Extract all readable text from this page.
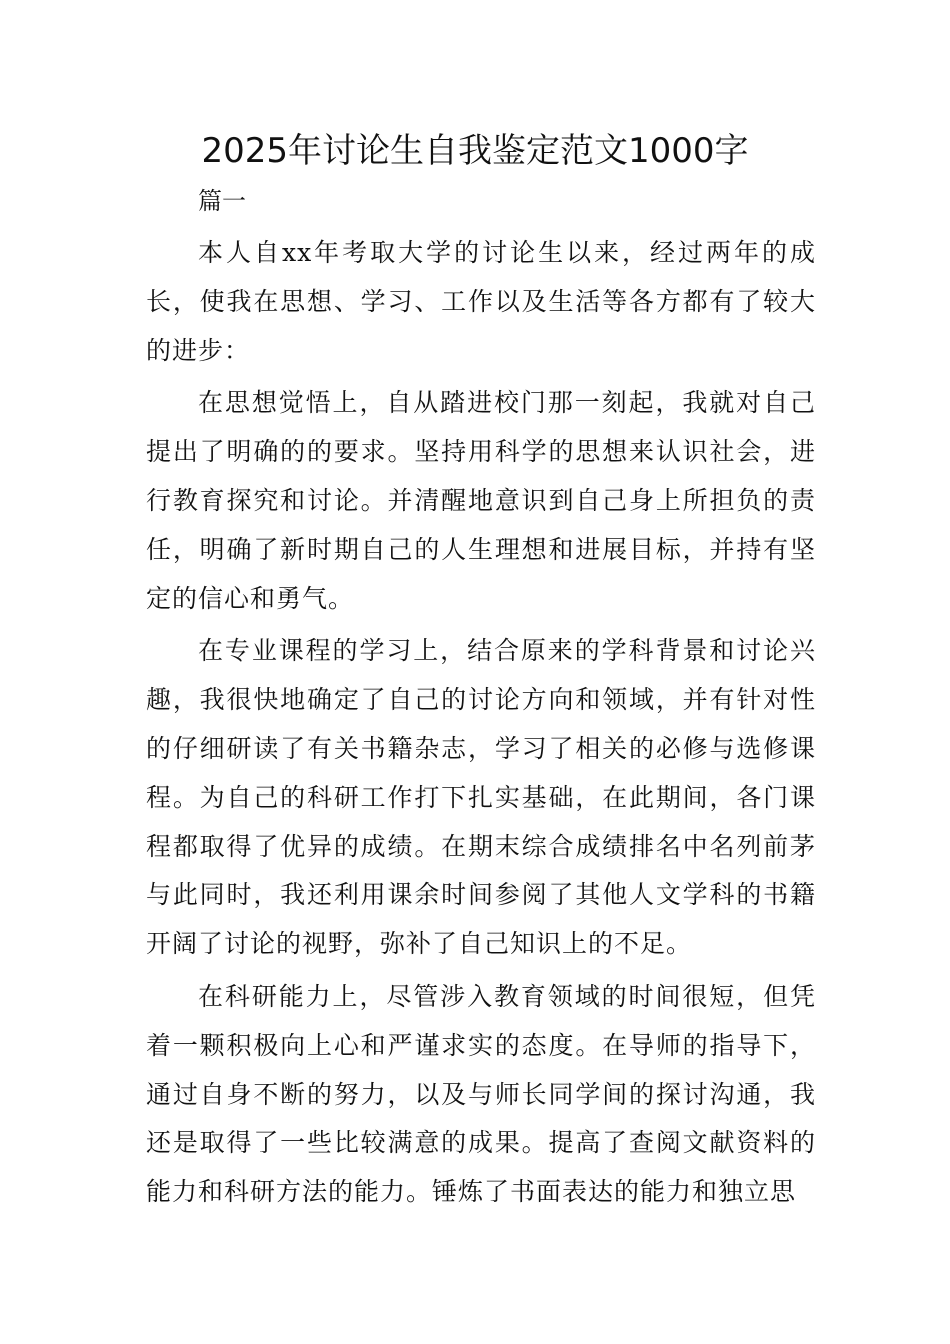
2025年讨论生自我鉴定范文1000字

篇一

本人自xx年考取大学的讨论生以来，经过两年的成长，使我在思想、学习、工作以及生活等各方都有了较大的进步：

在思想觉悟上，自从踏进校门那一刻起，我就对自己提出了明确的的要求。坚持用科学的思想来认识社会，进行教育探究和讨论。并清醒地意识到自己身上所担负的责任，明确了新时期自己的人生理想和进展目标，并持有坚定的信心和勇气。

在专业课程的学习上，结合原来的学科背景和讨论兴趣，我很快地确定了自己的讨论方向和领域，并有针对性的仔细研读了有关书籍杂志，学习了相关的必修与选修课程。为自己的科研工作打下扎实基础，在此期间，各门课程都取得了优异的成绩。在期末综合成绩排名中名列前茅与此同时，我还利用课余时间参阅了其他人文学科的书籍开阔了讨论的视野，弥补了自己知识上的不足。

在科研能力上，尽管涉入教育领域的时间很短，但凭着一颗积极向上心和严谨求实的态度。在导师的指导下，通过自身不断的努力，以及与师长同学间的探讨沟通，我还是取得了一些比较满意的成果。提高了查阅文献资料的能力和科研方法的能力。锤炼了书面表达的能力和独立思
